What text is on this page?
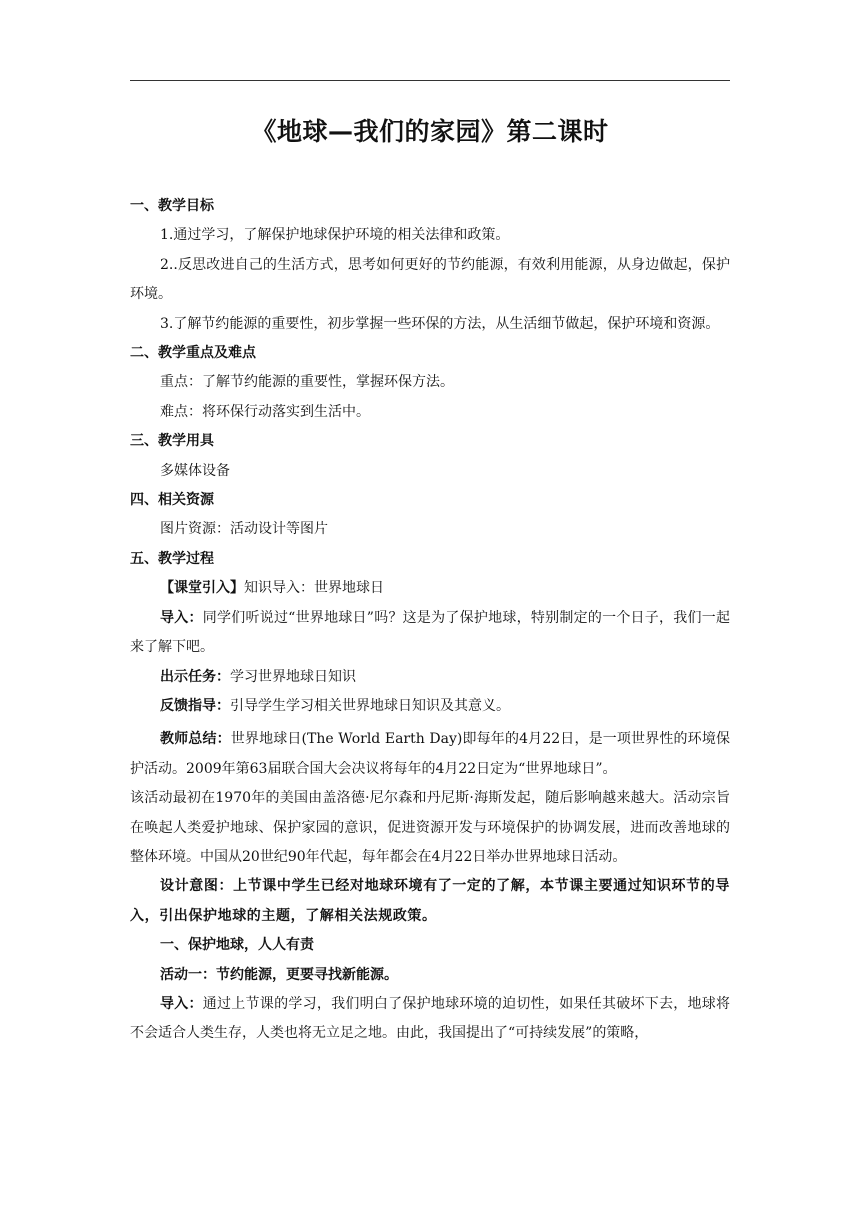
《地球—我们的家园》第二课时

一、教学目标

1.通过学习，了解保护地球保护环境的相关法律和政策。

2..反思改进自己的生活方式，思考如何更好的节约能源，有效利用能源，从身边做起，保护环境。

3.了解节约能源的重要性，初步掌握一些环保的方法，从生活细节做起，保护环境和资源。

二、教学重点及难点

重点：了解节约能源的重要性，掌握环保方法。

难点：将环保行动落实到生活中。

三、教学用具

多媒体设备

四、相关资源

图片资源：活动设计等图片

五、教学过程

【课堂引入】知识导入：世界地球日

导入：同学们听说过“世界地球日”吗？这是为了保护地球，特别制定的一个日子，我们一起来了解下吧。

出示任务：学习世界地球日知识

反馈指导：引导学生学习相关世界地球日知识及其意义。

教师总结：世界地球日(The World Earth Day)即每年的4月22日，是一项世界性的环境保护活动。2009年第63届联合国大会决议将每年的4月22日定为“世界地球日”。

该活动最初在1970年的美国由盖洛德·尼尔森和丹尼斯·海斯发起，随后影响越来越大。活动宗旨在唤起人类爱护地球、保护家园的意识，促进资源开发与环境保护的协调发展，进而改善地球的整体环境。中国从20世纪90年代起，每年都会在4月22日举办世界地球日活动。

设计意图：上节课中学生已经对地球环境有了一定的了解，本节课主要通过知识环节的导入，引出保护地球的主题，了解相关法规政策。

一、保护地球，人人有责

活动一：节约能源，更要寻找新能源。

导入：通过上节课的学习，我们明白了保护地球环境的迫切性，如果任其破坏下去，地球将不会适合人类生存，人类也将无立足之地。由此，我国提出了“可持续发展”的策略，
